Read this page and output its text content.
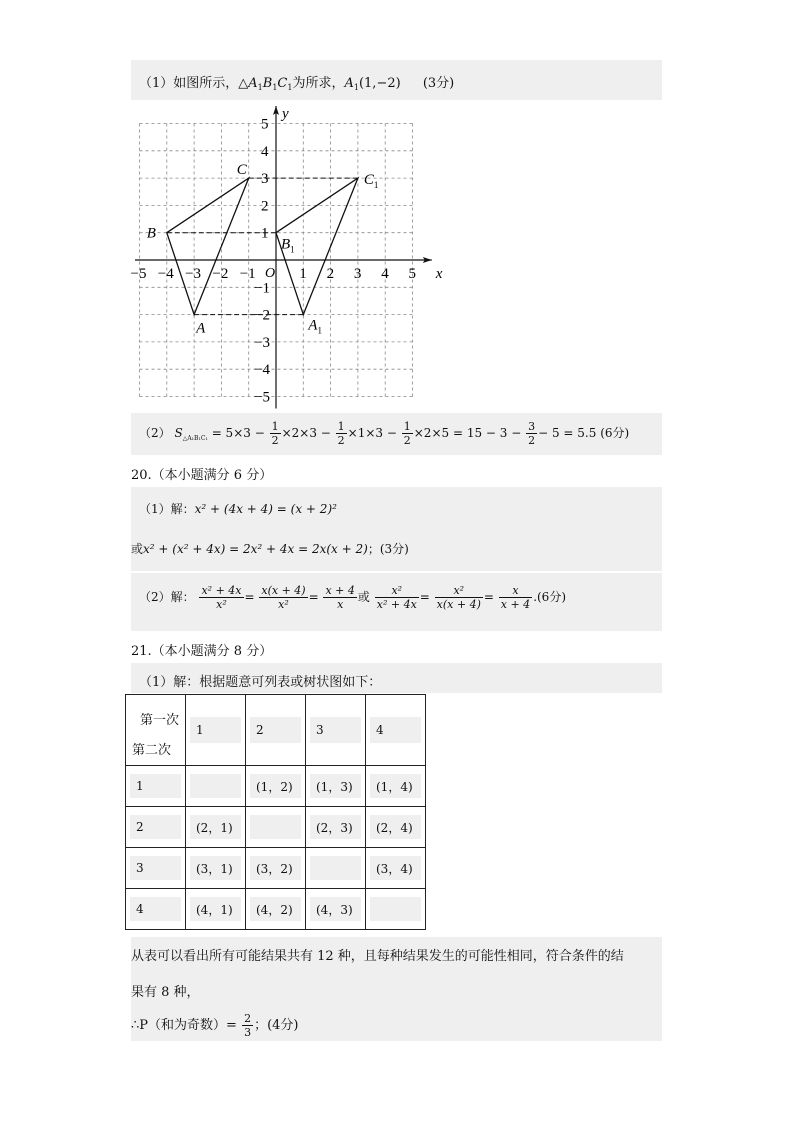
（1）如图所示，$\triangle A_1B_1C_1$为所求，$A_1(1,-2)$ (3分)
x
y
O
−5 −4 −3 −2 −1	1 2 3 4 5
1
2
3
4
5
−1
−2
−3
−4
−5
A
B
C
$A_1$
$B_1$
$C_1$
（2） $S_{\triangle A_1B_1C_1} = 5\times 3 - \frac{1}{2} \times 2\times 3 - \frac{1}{2} \times 1\times 3 - \frac{1}{2} \times 2\times 5 = 15 - 3 - \frac{3}{2} - 5 = 5.5$ (6分)
20.（本小题满分 6 分）
（1）解：x² + (4x + 4) = (x + 2)²
或x² + (x² + 4x) = 2x² + 4x = 2x(x + 2)；(3分)
（2）解： $\frac{\text{x² + 4x}}{\text{x²}} = \frac{x(x + 4)}{\text{x²}} = \frac{x + 4}{x}$ 或 $\frac{\text{x²}}{\text{x² + 4x}} = \frac{\text{x²}}{x(x + 4)} = \frac{x}{x + 4} .(6$分)
21.（本小题满分 8 分）
（1）解：根据题意可列表或树状图如下：
第一次
第二次	1	2	3	4

1		(1，2)	(1，3)	(1，4)

2	(2，1)		(2，3)	(2，4)

3	(3，1)	(3，2)		(3，4)

4	(4，1)	(4，2)	(4，3)	

从表可以看出所有可能结果共有 12 种，且每种结果发生的可能性相同，符合条件的结
果有 8 种，
∴P（和为奇数）= $\frac{2}{3}$ ；(4分)
